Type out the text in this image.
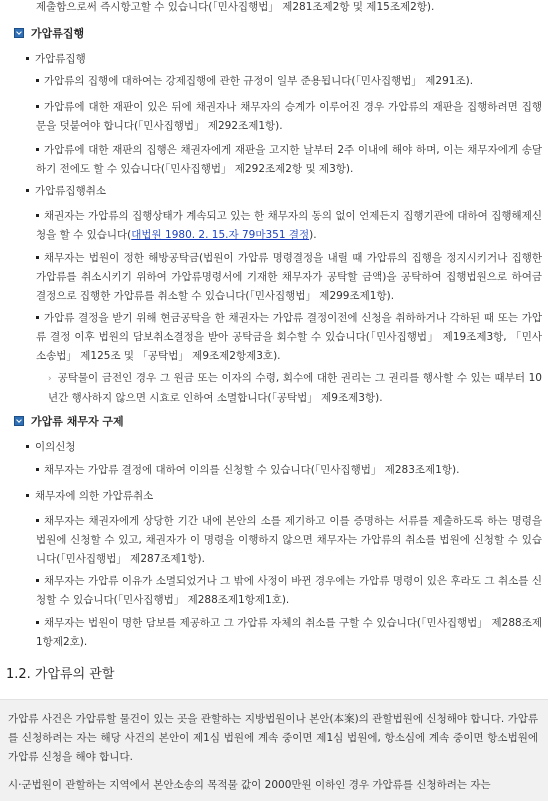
제출함으로써 즉시항고할 수 있습니다(「민사집행법」 제281조제2항 및 제15조제2항).
가압류집행
가압류집행
가압류의 집행에 대하여는 강제집행에 관한 규정이 일부 준용됩니다(「민사집행법」 제291조).
가압류에 대한 재판이 있은 뒤에 채권자나 채무자의 승계가 이루어진 경우 가압류의 재판을 집행하려면 집행문을 덧붙여야 합니다(「민사집행법」 제292조제1항).
가압류에 대한 재판의 집행은 채권자에게 재판을 고지한 날부터 2주 이내에 해야 하며, 이는 채무자에게 송달하기 전에도 할 수 있습니다(「민사집행법」 제292조제2항 및 제3항).
가압류집행취소
채권자는 가압류의 집행상태가 계속되고 있는 한 채무자의 동의 없이 언제든지 집행기관에 대하여 집행해제신청을 할 수 있습니다(대법원 1980. 2. 15.자 79마351 결정).
채무자는 법원이 정한 해방공탁금(법원이 가압류 명령결정을 내릴 때 가압류의 집행을 정지시키거나 집행한 가압류를 취소시키기 위하여 가압류명령서에 기재한 채무자가 공탁할 금액)을 공탁하여 집행법원으로 하여금 결정으로 집행한 가압류를 취소할 수 있습니다(「민사집행법」 제299조제1항).
가압류 결정을 받기 위해 현금공탁을 한 채권자는 가압류 결정이전에 신청을 취하하거나 각하된 때 또는 가압류 결정 이후 법원의 담보취소결정을 받아 공탁금을 회수할 수 있습니다(「민사집행법」 제19조제3항, 「민사소송법」 제125조 및 「공탁법」 제9조제2항제3호).
› 공탁물이 금전인 경우 그 원금 또는 이자의 수령, 회수에 대한 권리는 그 권리를 행사할 수 있는 때부터 10년간 행사하지 않으면 시효로 인하여 소멸합니다(「공탁법」 제9조제3항).
가압류 채무자 구제
이의신청
채무자는 가압류 결정에 대하여 이의를 신청할 수 있습니다(「민사집행법」 제283조제1항).
채무자에 의한 가압류취소
채무자는 채권자에게 상당한 기간 내에 본안의 소를 제기하고 이를 증명하는 서류를 제출하도록 하는 명령을 법원에 신청할 수 있고, 채권자가 이 명령을 이행하지 않으면 채무자는 가압류의 취소를 법원에 신청할 수 있습니다(「민사집행법」 제287조제1항).
채무자는 가압류 이유가 소멸되었거나 그 밖에 사정이 바뀐 경우에는 가압류 명령이 있은 후라도 그 취소를 신청할 수 있습니다(「민사집행법」 제288조제1항제1호).
채무자는 법원이 명한 담보를 제공하고 그 가압류 자체의 취소를 구할 수 있습니다(「민사집행법」 제288조제1항제2호).
1.2. 가압류의 관할

가압류 사건은 가압류할 물건이 있는 곳을 관할하는 지방법원이나 본안(本案)의 관할법원에 신청해야 합니다. 가압류를 신청하려는 자는 해당 사건의 본안이 제1심 법원에 계속 중이면 제1심 법원에, 항소심에 계속 중이면 항소법원에 가압류 신청을 해야 합니다.

시·군법원이 관할하는 지역에서 본안소송의 목적물 값이 2000만원 이하인 경우 가압류를 신청하려는 자는
